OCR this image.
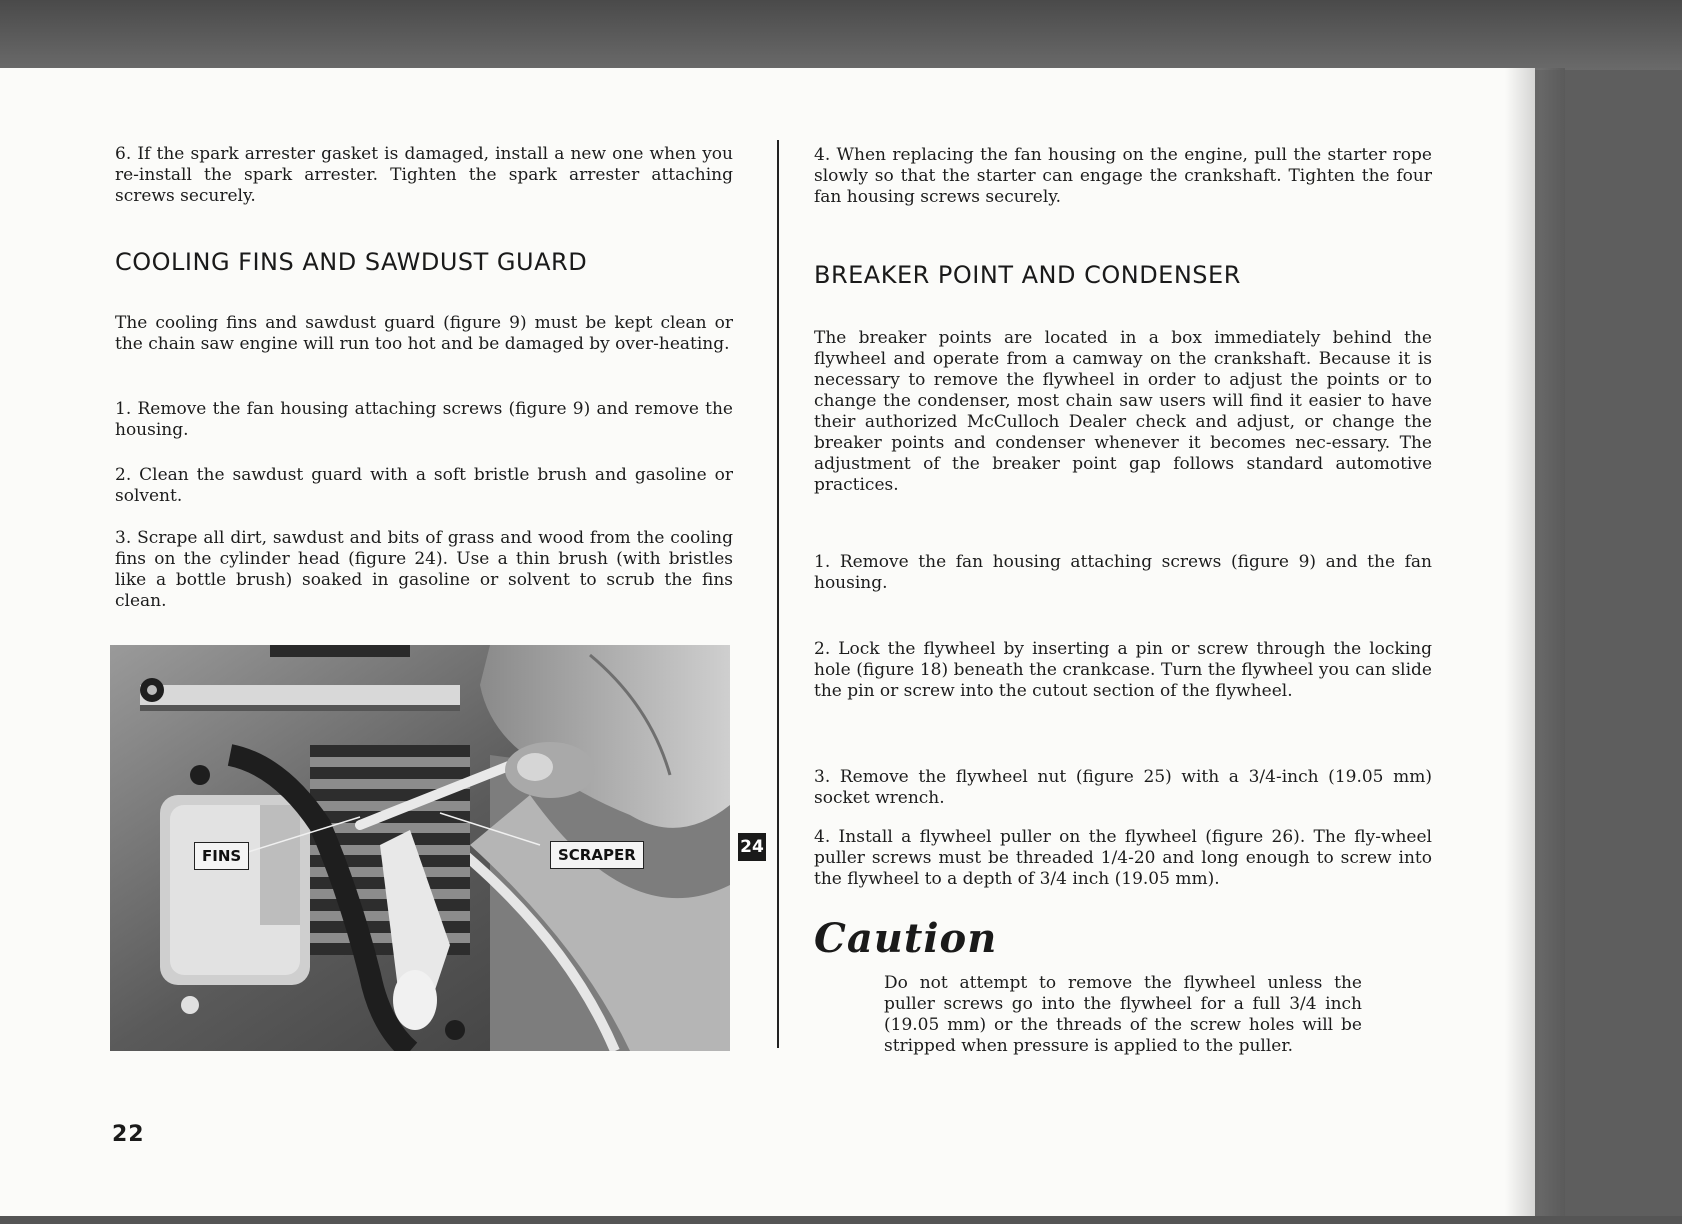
6. If the spark arrester gasket is damaged, install a new one when you re-install the spark arrester. Tighten the spark arrester attaching screws securely.

COOLING FINS AND SAWDUST GUARD

The cooling fins and sawdust guard (figure 9) must be kept clean or the chain saw engine will run too hot and be damaged by over-heating.

1. Remove the fan housing attaching screws (figure 9) and remove the housing.

2. Clean the sawdust guard with a soft bristle brush and gasoline or solvent.

3. Scrape all dirt, sawdust and bits of grass and wood from the cooling fins on the cylinder head (figure 24). Use a thin brush (with bristles like a bottle brush) soaked in gasoline or solvent to scrub the fins clean.

FINS	SCRAPER	24

4. When replacing the fan housing on the engine, pull the starter rope slowly so that the starter can engage the crankshaft. Tighten the four fan housing screws securely.

BREAKER POINT AND CONDENSER

The breaker points are located in a box immediately behind the flywheel and operate from a camway on the crankshaft. Because it is necessary to remove the flywheel in order to adjust the points or to change the condenser, most chain saw users will find it easier to have their authorized McCulloch Dealer check and adjust, or change the breaker points and condenser whenever it becomes nec-essary. The adjustment of the breaker point gap follows standard automotive practices.

1. Remove the fan housing attaching screws (figure 9) and the fan housing.

2. Lock the flywheel by inserting a pin or screw through the locking hole (figure 18) beneath the crankcase. Turn the flywheel you can slide the pin or screw into the cutout section of the flywheel.

3. Remove the flywheel nut (figure 25) with a 3/4-inch (19.05 mm) socket wrench.

4. Install a flywheel puller on the flywheel (figure 26). The fly-wheel puller screws must be threaded 1/4-20 and long enough to screw into the flywheel to a depth of 3/4 inch (19.05 mm).

Caution

Do not attempt to remove the flywheel unless the puller screws go into the flywheel for a full 3/4 inch (19.05 mm) or the threads of the screw holes will be stripped when pressure is applied to the puller.

22
